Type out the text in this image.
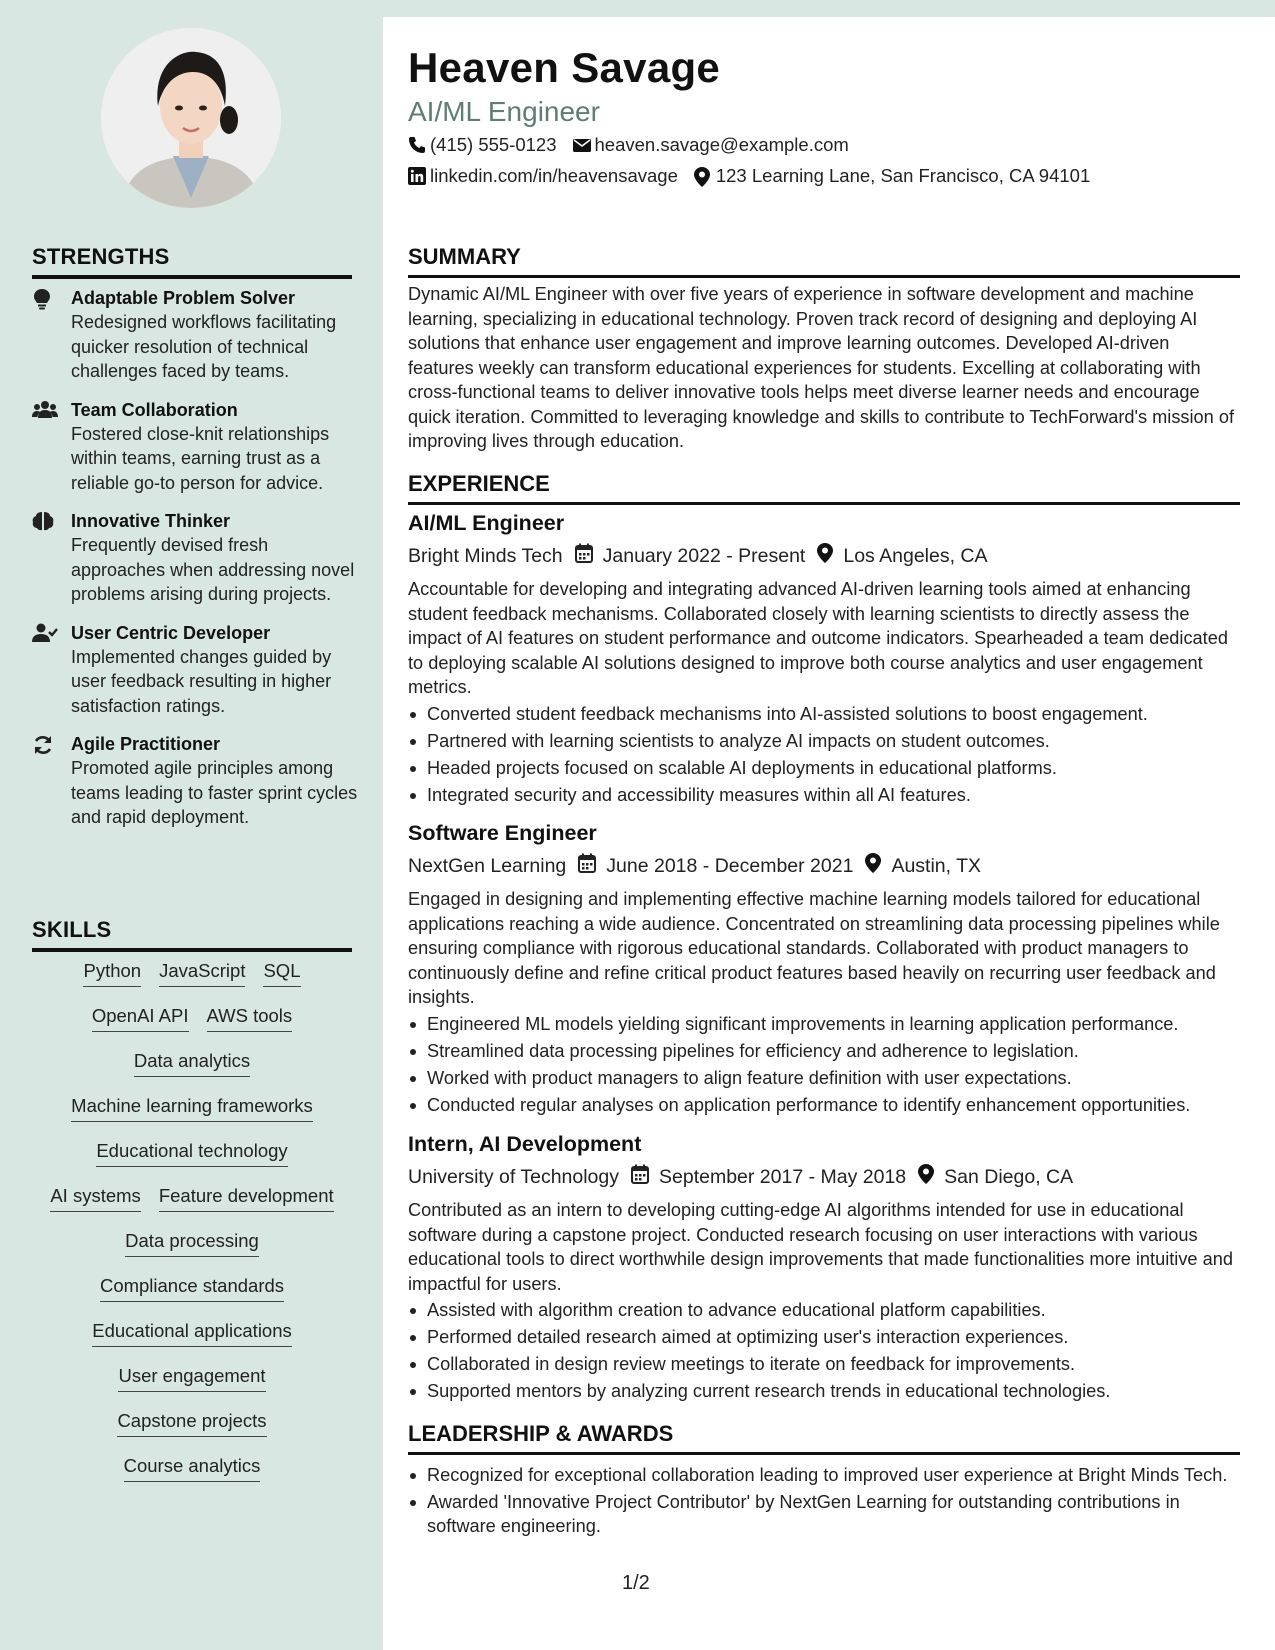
STRENGTHS
Adaptable Problem Solver
Redesigned workflows facilitating quicker resolution of technical challenges faced by teams.
Team Collaboration
Fostered close-knit relationships within teams, earning trust as a reliable go-to person for advice.
Innovative Thinker
Frequently devised fresh approaches when addressing novel problems arising during projects.
User Centric Developer
Implemented changes guided by user feedback resulting in higher satisfaction ratings.
Agile Practitioner
Promoted agile principles among teams leading to faster sprint cycles and rapid deployment.
SKILLS
Python JavaScript SQL
OpenAI API AWS tools
Data analytics
Machine learning frameworks
Educational technology
AI systems Feature development
Data processing
Compliance standards
Educational applications
User engagement
Capstone projects
Course analytics
Heaven Savage
AI/ML Engineer
(415) 555-0123 heaven.savage@example.com
linkedin.com/in/heavensavage 123 Learning Lane, San Francisco, CA 94101
SUMMARY
Dynamic AI/ML Engineer with over five years of experience in software development and machine learning, specializing in educational technology. Proven track record of designing and deploying AI solutions that enhance user engagement and improve learning outcomes. Developed AI-driven features weekly can transform educational experiences for students. Excelling at collaborating with cross-functional teams to deliver innovative tools helps meet diverse learner needs and encourage quick iteration. Committed to leveraging knowledge and skills to contribute to TechForward's mission of improving lives through education.
EXPERIENCE
AI/ML Engineer
Bright Minds Tech January 2022 - Present Los Angeles, CA
Accountable for developing and integrating advanced AI-driven learning tools aimed at enhancing student feedback mechanisms. Collaborated closely with learning scientists to directly assess the impact of AI features on student performance and outcome indicators. Spearheaded a team dedicated to deploying scalable AI solutions designed to improve both course analytics and user engagement metrics.
Converted student feedback mechanisms into AI-assisted solutions to boost engagement.
Partnered with learning scientists to analyze AI impacts on student outcomes.
Headed projects focused on scalable AI deployments in educational platforms.
Integrated security and accessibility measures within all AI features.
Software Engineer
NextGen Learning June 2018 - December 2021 Austin, TX
Engaged in designing and implementing effective machine learning models tailored for educational applications reaching a wide audience. Concentrated on streamlining data processing pipelines while ensuring compliance with rigorous educational standards. Collaborated with product managers to continuously define and refine critical product features based heavily on recurring user feedback and insights.
Engineered ML models yielding significant improvements in learning application performance.
Streamlined data processing pipelines for efficiency and adherence to legislation.
Worked with product managers to align feature definition with user expectations.
Conducted regular analyses on application performance to identify enhancement opportunities.
Intern, AI Development
University of Technology September 2017 - May 2018 San Diego, CA
Contributed as an intern to developing cutting-edge AI algorithms intended for use in educational software during a capstone project. Conducted research focusing on user interactions with various educational tools to direct worthwhile design improvements that made functionalities more intuitive and impactful for users.
Assisted with algorithm creation to advance educational platform capabilities.
Performed detailed research aimed at optimizing user's interaction experiences.
Collaborated in design review meetings to iterate on feedback for improvements.
Supported mentors by analyzing current research trends in educational technologies.
LEADERSHIP & AWARDS
Recognized for exceptional collaboration leading to improved user experience at Bright Minds Tech.
Awarded 'Innovative Project Contributor' by NextGen Learning for outstanding contributions in software engineering.
1/2
